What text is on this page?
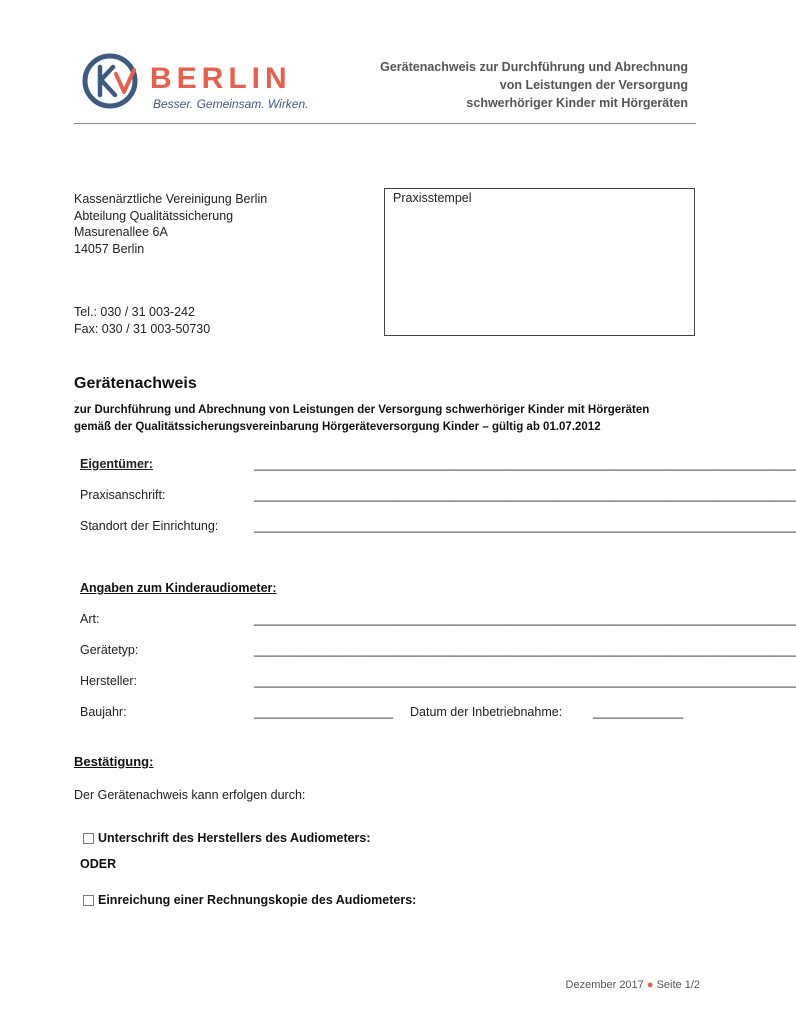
BERLIN
Besser. Gemeinsam. Wirken.
Gerätenachweis zur Durchführung und Abrechnung
von Leistungen der Versorgung
schwerhöriger Kinder mit Hörgeräten
Kassenärztliche Vereinigung Berlin
Abteilung Qualitätssicherung
Masurenallee 6A
14057 Berlin
Tel.: 030 / 31 003-242
Fax: 030 / 31 003-50730
Praxisstempel
Gerätenachweis
zur Durchführung und Abrechnung von Leistungen der Versorgung schwerhöriger Kinder mit Hörgeräten
gemäß der Qualitätssicherungsvereinbarung Hörgeräteversorgung Kinder – gültig ab 01.07.2012
Eigentümer:	______________________________________________________________________________
Praxisanschrift:	______________________________________________________________________________
Standort der Einrichtung:	______________________________________________________________________________
Angaben zum Kinderaudiometer:
Art:	______________________________________________________________________________
Gerätetyp:	______________________________________________________________________________
Hersteller:	______________________________________________________________________________
Baujahr:	____________________ Datum der Inbetriebnahme: _____________
Bestätigung:
Der Gerätenachweis kann erfolgen durch:
Unterschrift des Herstellers des Audiometers:
ODER
Einreichung einer Rechnungskopie des Audiometers:
Dezember 2017 ● Seite 1/2
